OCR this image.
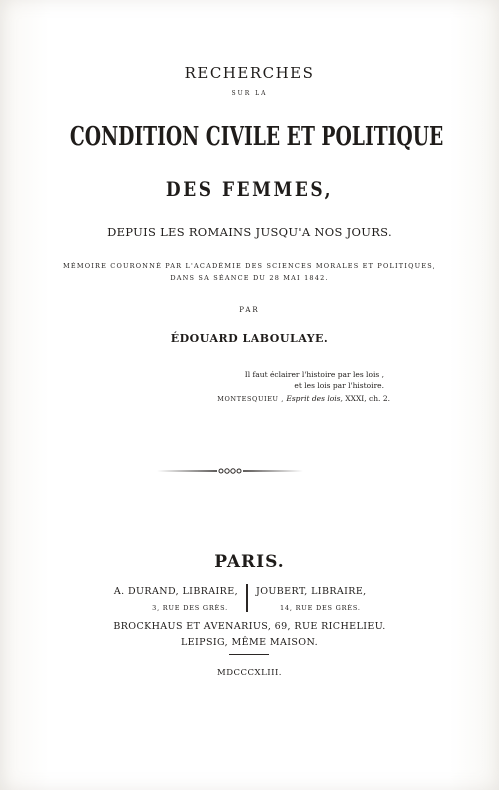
RECHERCHES
SUR LA
CONDITION CIVILE ET POLITIQUE
DES FEMMES,
DEPUIS LES ROMAINS JUSQU'A NOS JOURS.
MÉMOIRE COURONNÉ PAR L'ACADÉMIE DES SCIENCES MORALES ET POLITIQUES,
DANS SA SÉANCE DU 28 MAI 1842.
PAR
ÉDOUARD LABOULAYE.
Il faut éclairer l'histoire par les lois ,
et les lois par l'histoire.
MONTESQUIEU , Esprit des lois, XXXI, ch. 2.
PARIS.
A. DURAND, LIBRAIRE,
3, RUE DES GRÈS.
JOUBERT, LIBRAIRE,
14, RUE DES GRÈS.
BROCKHAUS ET AVENARIUS, 69, RUE RICHELIEU.
LEIPSIG, MÊME MAISON.
MDCCCXLIII.
